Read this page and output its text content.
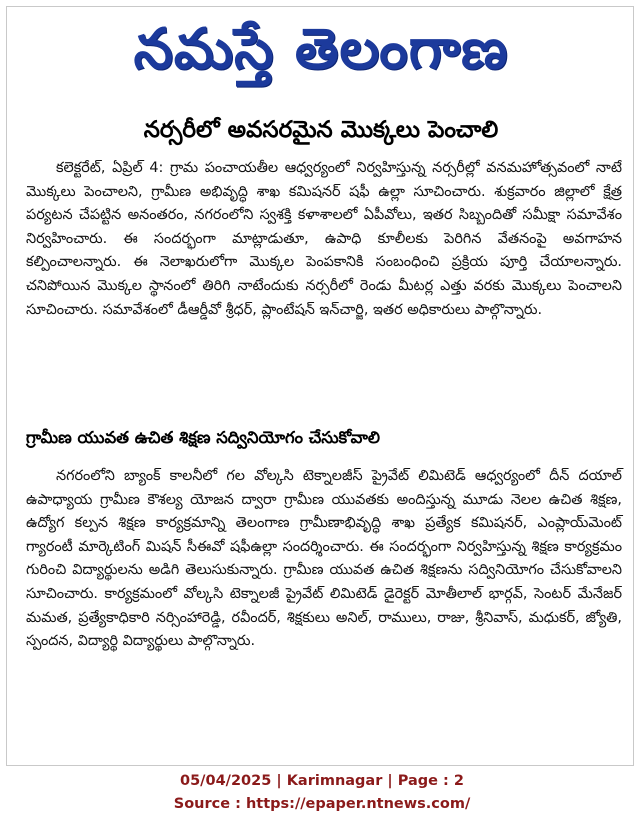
నమస్తే తెలంగాణ
నర్సరీలో అవసరమైన మొక్కలు పెంచాలి

కలెక్టరేట్, ఏప్రిల్ 4: గ్రామ పంచాయతీల ఆధ్వర్యంలో నిర్వహిస్తున్న నర్సరీల్లో వనమహోత్సవంలో నాటే మొక్కలు పెంచాలని, గ్రామీణ అభివృద్ధి శాఖ కమిషనర్ షఫీ ఉల్లా సూచించారు. శుక్రవారం జిల్లాలో క్షేత్ర పర్యటన చేపట్టిన అనంతరం, నగరంలోని స్వశక్తి కళాశాలలో ఏపీవోలు, ఇతర సిబ్బందితో సమీక్షా సమావేశం నిర్వహించారు. ఈ సందర్భంగా మాట్లాడుతూ, ఉపాధి కూలీలకు పెరిగిన వేతనంపై అవగాహన కల్పించాలన్నారు. ఈ నెలాఖరులోగా మొక్కల పెంపకానికి సంబంధించి ప్రక్రియ పూర్తి చేయాలన్నారు. చనిపోయిన మొక్కల స్థానంలో తిరిగి నాటేందుకు నర్సరీలో రెండు మీటర్ల ఎత్తు వరకు మొక్కలు పెంచాలని సూచించారు. సమావేశంలో డీఆర్డీవో శ్రీధర్, ప్లాంటేషన్ ఇన్‌చార్జి, ఇతర అధికారులు పాల్గొన్నారు.

గ్రామీణ యువత ఉచిత శిక్షణ సద్వినియోగం చేసుకోవాలి

నగరంలోని బ్యాంక్ కాలనీలో గల వోల్కసి టెక్నాలజీస్ ప్రైవేట్ లిమిటెడ్ ఆధ్వర్యంలో దీన్ దయాల్ ఉపాధ్యాయ గ్రామీణ కౌశల్య యోజన ద్వారా గ్రామీణ యువతకు అందిస్తున్న మూడు నెలల ఉచిత శిక్షణ, ఉద్యోగ కల్పన శిక్షణ కార్యక్రమాన్ని తెలంగాణ గ్రామీణాభివృద్ధి శాఖ ప్రత్యేక కమిషనర్, ఎంప్లాయ్‌మెంట్ గ్యారంటీ మార్కెటింగ్ మిషన్ సీఈవో షఫీఉల్లా సందర్శించారు. ఈ సందర్భంగా నిర్వహిస్తున్న శిక్షణ కార్యక్రమం గురించి విద్యార్థులను అడిగి తెలుసుకున్నారు. గ్రామీణ యువత ఉచిత శిక్షణను సద్వినియోగం చేసుకోవాలని సూచించారు. కార్యక్రమంలో వోల్కసి టెక్నాలజీ ప్రైవేట్ లిమిటెడ్ డైరెక్టర్ మోతీలాల్ భార్గవ్, సెంటర్ మేనేజర్ మమత, ప్రత్యేకాధికారి నర్సింహారెడ్డి, రవీందర్, శిక్షకులు అనిల్, రాములు, రాజు, శ్రీనివాస్, మధుకర్, జ్యోతి, స్పందన, విద్యార్థి విద్యార్థులు పాల్గొన్నారు.

05/04/2025 | Karimnagar | Page : 2
Source : https://epaper.ntnews.com/
